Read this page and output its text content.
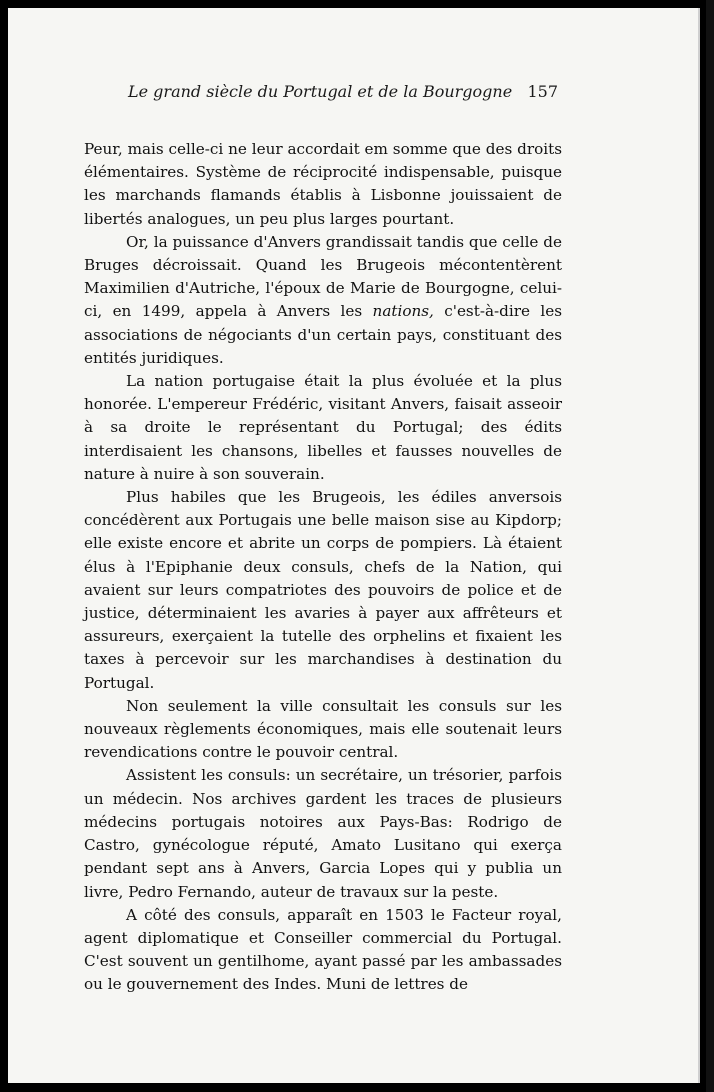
Le grand siècle du Portugal et de la Bourgogne 157

Peur, mais celle-ci ne leur accordait em somme que des droits élémentaires. Système de réciprocité indispensable, puisque les marchands flamands établis à Lisbonne jouissaient de libertés analogues, un peu plus larges pourtant.

Or, la puissance d'Anvers grandissait tandis que celle de Bruges décroissait. Quand les Brugeois mécontentèrent Maximilien d'Autriche, l'époux de Marie de Bourgogne, celui-ci, en 1499, appela à Anvers les nations, c'est-à-dire les associations de négociants d'un certain pays, constituant des entités juridiques.

La nation portugaise était la plus évoluée et la plus honorée. L'empereur Frédéric, visitant Anvers, faisait asseoir à sa droite le représentant du Portugal; des édits interdisaient les chansons, libelles et fausses nouvelles de nature à nuire à son souverain.

Plus habiles que les Brugeois, les édiles anversois concédèrent aux Portugais une belle maison sise au Kipdorp; elle existe encore et abrite un corps de pompiers. Là étaient élus à l'Epiphanie deux consuls, chefs de la Nation, qui avaient sur leurs compatriotes des pouvoirs de police et de justice, déterminaient les avaries à payer aux affrêteurs et assureurs, exerçaient la tutelle des orphelins et fixaient les taxes à percevoir sur les marchandises à destination du Portugal.

Non seulement la ville consultait les consuls sur les nouveaux règlements économiques, mais elle soutenait leurs revendications contre le pouvoir central.

Assistent les consuls: un secrétaire, un trésorier, parfois un médecin. Nos archives gardent les traces de plusieurs médecins portugais notoires aux Pays-Bas: Rodrigo de Castro, gynécologue réputé, Amato Lusitano qui exerça pendant sept ans à Anvers, Garcia Lopes qui y publia un livre, Pedro Fernando, auteur de travaux sur la peste.

A côté des consuls, apparaît en 1503 le Facteur royal, agent diplomatique et Conseiller commercial du Portugal. C'est souvent un gentilhome, ayant passé par les ambassades ou le gouvernement des Indes. Muni de lettres de
